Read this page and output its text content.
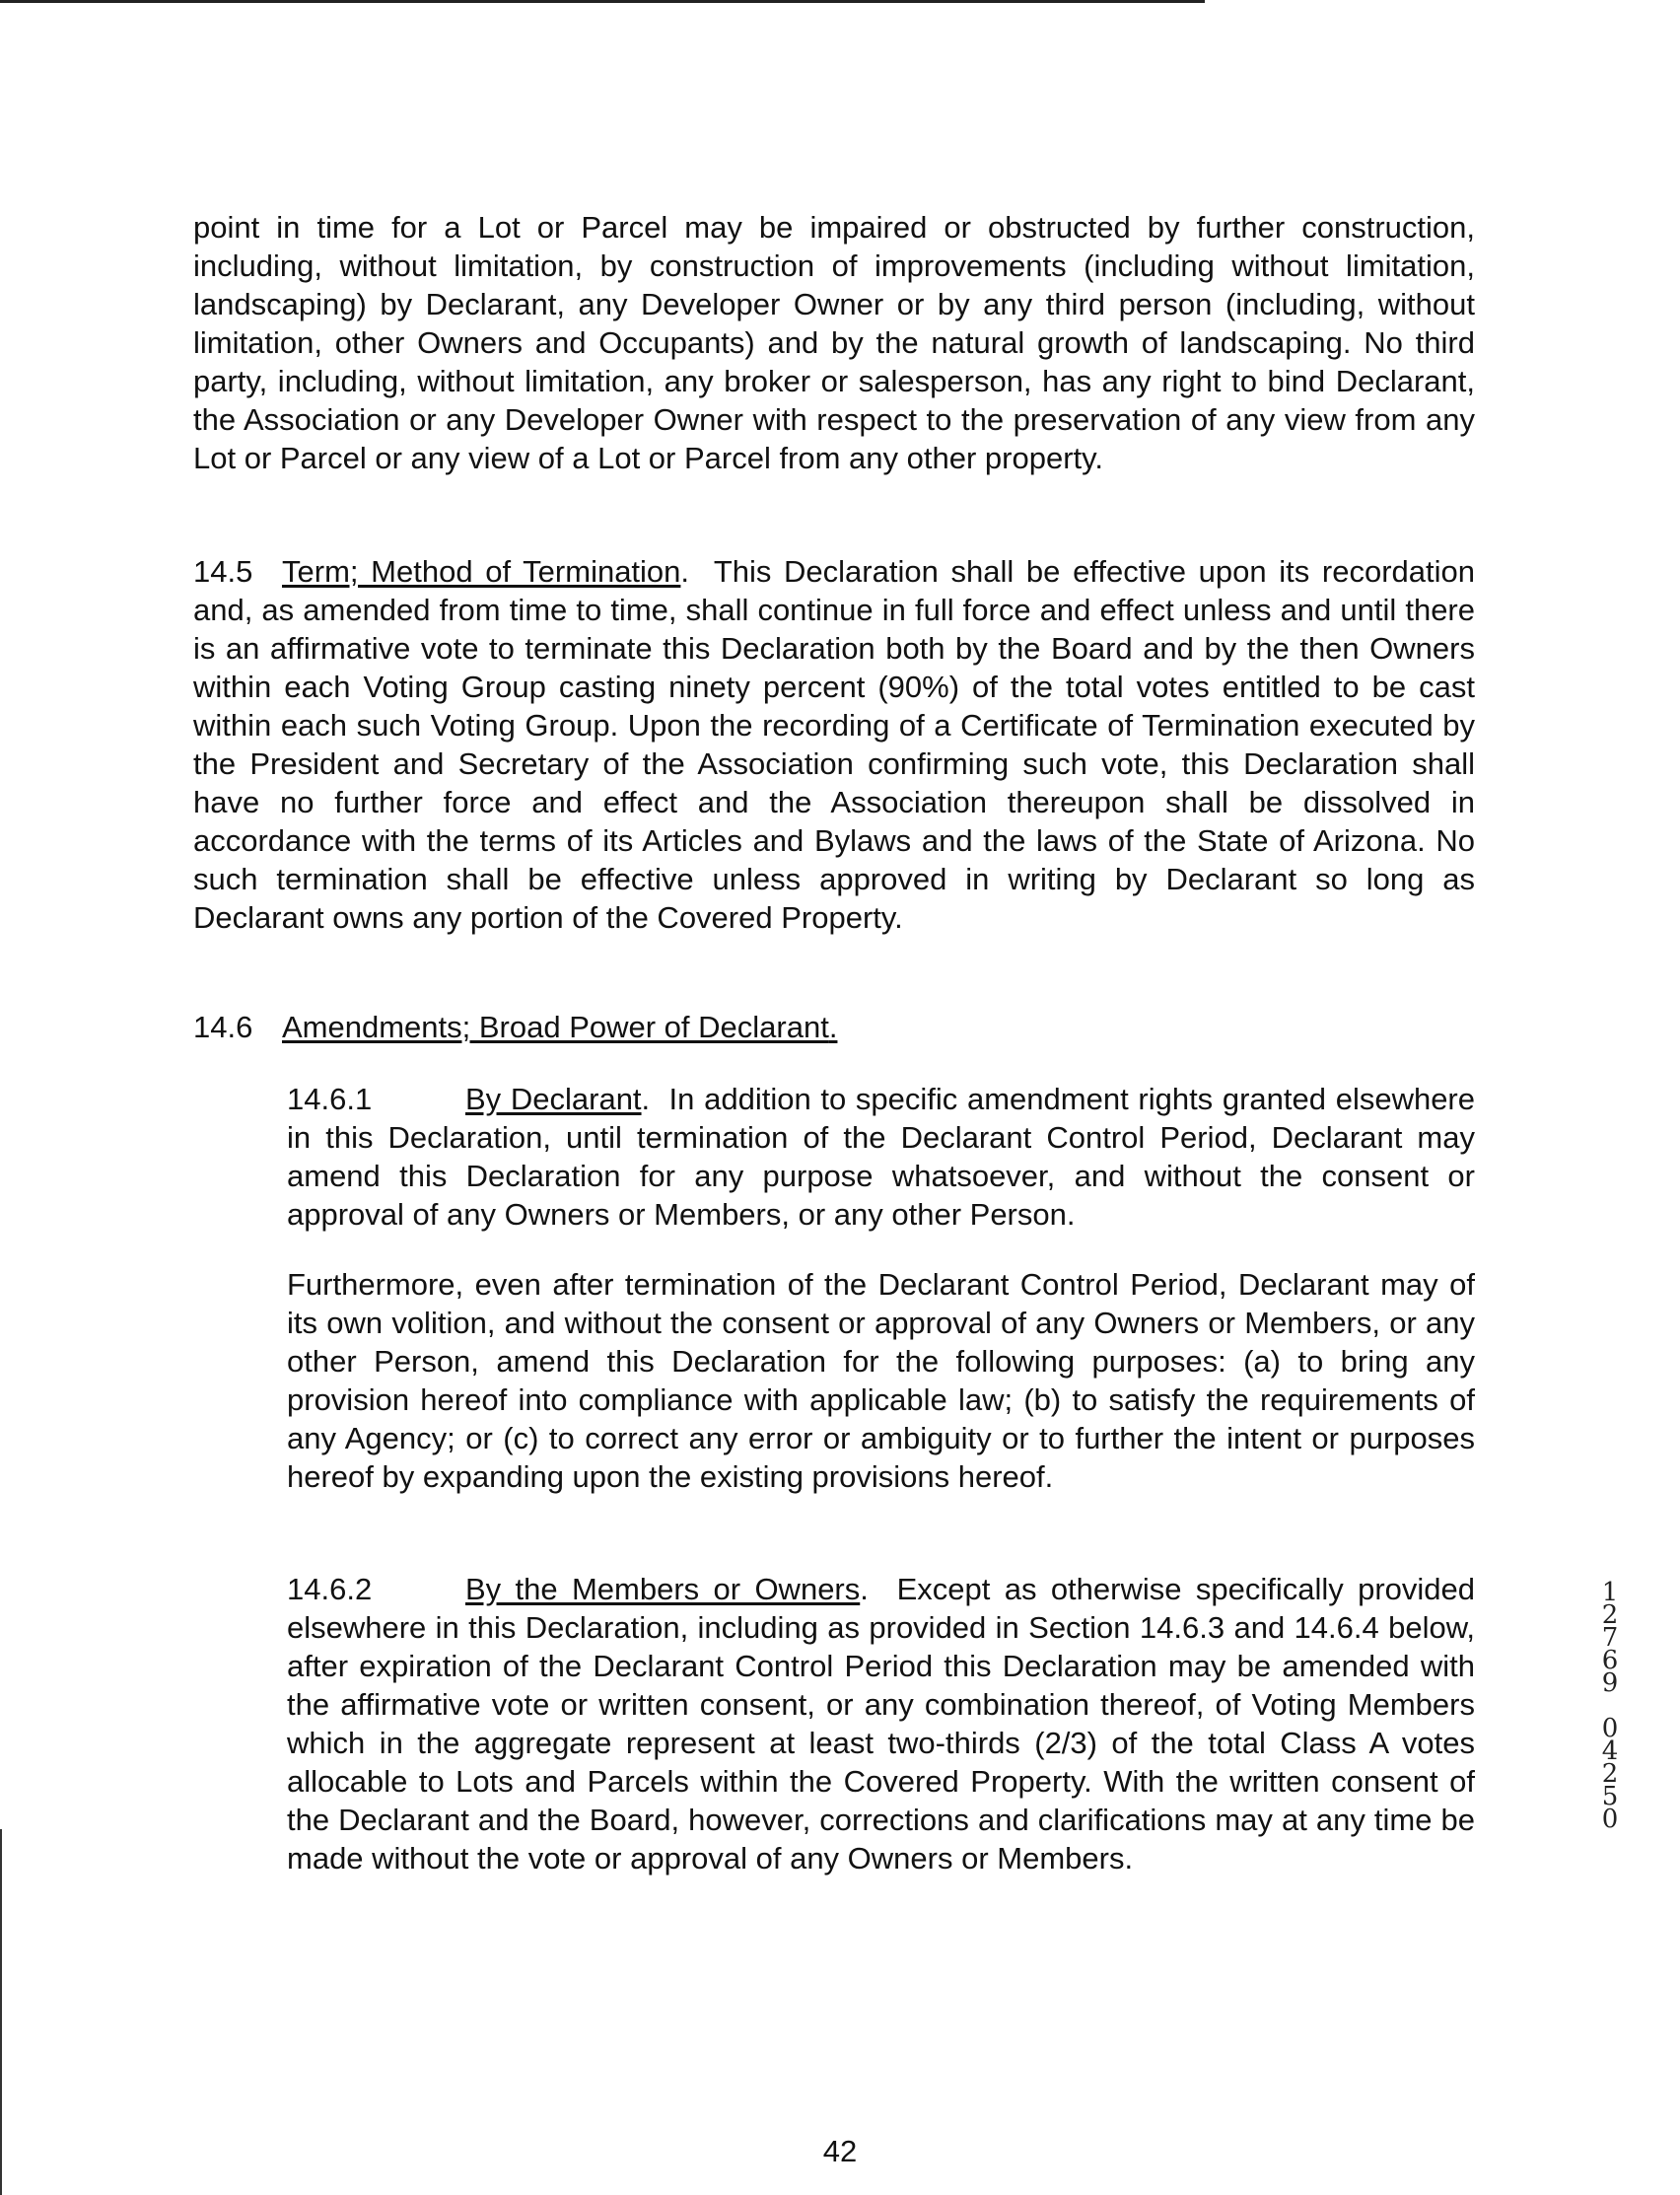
point in time for a Lot or Parcel may be impaired or obstructed by further construction, including, without limitation, by construction of improvements (including without limitation, landscaping) by Declarant, any Developer Owner or by any third person (including, without limitation, other Owners and Occupants) and by the natural growth of landscaping. No third party, including, without limitation, any broker or salesperson, has any right to bind Declarant, the Association or any Developer Owner with respect to the preservation of any view from any Lot or Parcel or any view of a Lot or Parcel from any other property.

14.5 Term; Method of Termination.  This Declaration shall be effective upon its recordation and, as amended from time to time, shall continue in full force and effect unless and until there is an affirmative vote to terminate this Declaration both by the Board and by the then Owners within each Voting Group casting ninety percent (90%) of the total votes entitled to be cast within each such Voting Group. Upon the recording of a Certificate of Termination executed by the President and Secretary of the Association confirming such vote, this Declaration shall have no further force and effect and the Association thereupon shall be dissolved in accordance with the terms of its Articles and Bylaws and the laws of the State of Arizona. No such termination shall be effective unless approved in writing by Declarant so long as Declarant owns any portion of the Covered Property.

14.6 Amendments; Broad Power of Declarant.

14.6.1	By Declarant.  In addition to specific amendment rights granted elsewhere in this Declaration, until termination of the Declarant Control Period, Declarant may amend this Declaration for any purpose whatsoever, and without the consent or approval of any Owners or Members, or any other Person.

Furthermore, even after termination of the Declarant Control Period, Declarant may of its own volition, and without the consent or approval of any Owners or Members, or any other Person, amend this Declaration for the following purposes: (a) to bring any provision hereof into compliance with applicable law; (b) to satisfy the requirements of any Agency; or (c) to correct any error or ambiguity or to further the intent or purposes hereof by expanding upon the existing provisions hereof.

14.6.2	By the Members or Owners.  Except as otherwise specifically provided elsewhere in this Declaration, including as provided in Section 14.6.3 and 14.6.4 below, after expiration of the Declarant Control Period this Declaration may be amended with the affirmative vote or written consent, or any combination thereof, of Voting Members which in the aggregate represent at least two-thirds (2/3) of the total Class A votes allocable to Lots and Parcels within the Covered Property. With the written consent of the Declarant and the Board, however, corrections and clarifications may at any time be made without the vote or approval of any Owners or Members.

42

1
2
7
6
9

0
4
2
5
0
